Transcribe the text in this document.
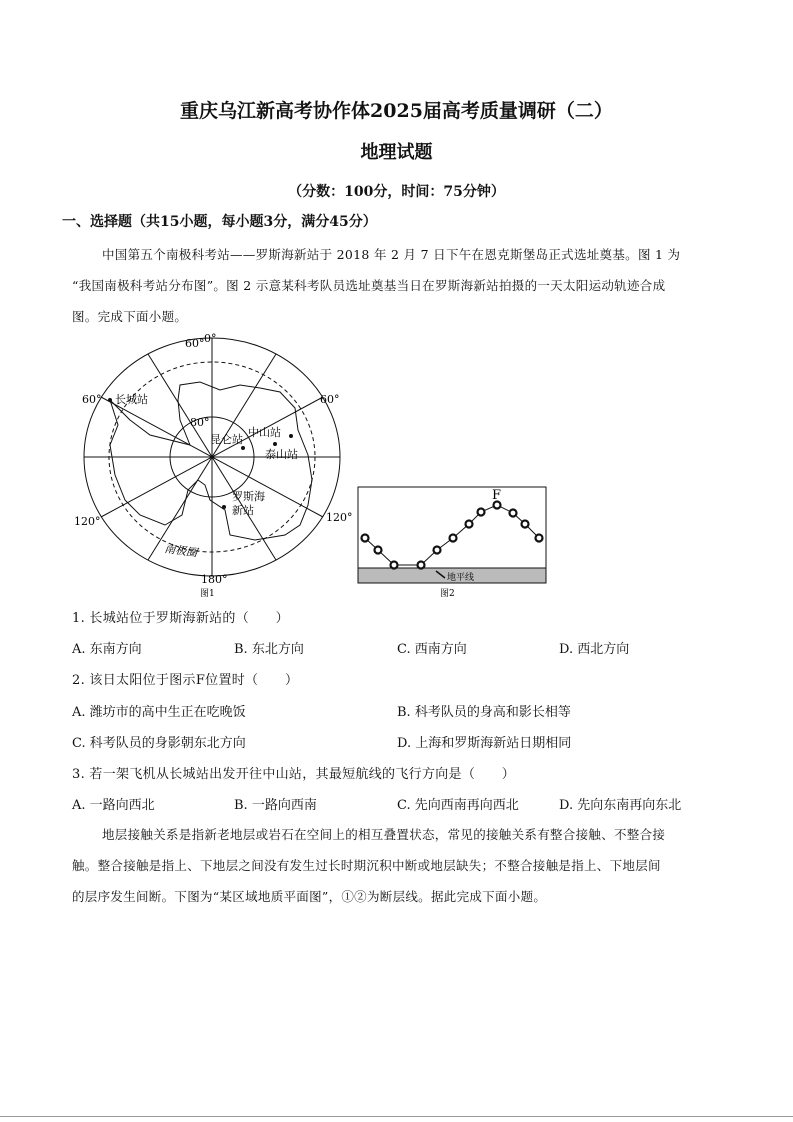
重庆乌江新高考协作体2025届高考质量调研（二）
地理试题
（分数：100分，时间：75分钟）
一、选择题（共15小题，每小题3分，满分45分）
中国第五个南极科考站——罗斯海新站于 2018 年 2 月 7 日下午在恩克斯堡岛正式选址奠基。图 1 为
“我国南极科考站分布图”。图 2 示意某科考队员选址奠基当日在罗斯海新站拍摄的一天太阳运动轨迹合成
图。完成下面小题。
0°
60°
60°	60°
80°
120°	120°
180°
南极圈
长城站
昆仑站
中山站
泰山站
罗斯海
新站
图1
F
地平线
图2
1. 长城站位于罗斯海新站的（　　）
A. 东南方向	B. 东北方向	C. 西南方向	D. 西北方向
2. 该日太阳位于图示F位置时（　　）
A. 潍坊市的高中生正在吃晚饭	B. 科考队员的身高和影长相等
C. 科考队员的身影朝东北方向	D. 上海和罗斯海新站日期相同
3. 若一架飞机从长城站出发开往中山站，其最短航线的飞行方向是（　　）
A. 一路向西北	B. 一路向西南	C. 先向西南再向西北	D. 先向东南再向东北
地层接触关系是指新老地层或岩石在空间上的相互叠置状态，常见的接触关系有整合接触、不整合接
触。整合接触是指上、下地层之间没有发生过长时期沉积中断或地层缺失；不整合接触是指上、下地层间
的层序发生间断。下图为“某区域地质平面图”，①②为断层线。据此完成下面小题。
